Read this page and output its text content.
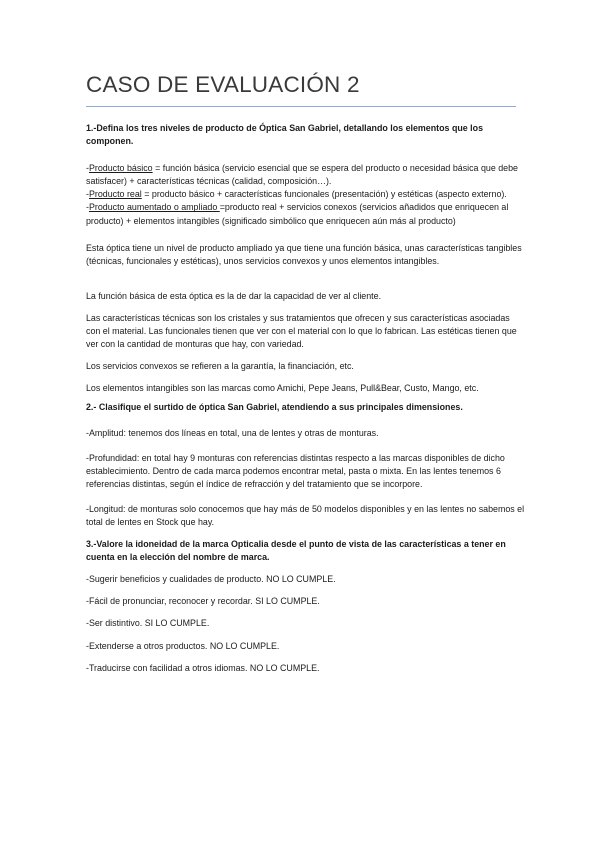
CASO DE EVALUACIÓN 2

1.-Defina los tres niveles de producto de Óptica San Gabriel, detallando los elementos que los componen.

-Producto básico = función básica (servicio esencial que se espera del producto o necesidad básica que debe satisfacer) + características técnicas (calidad, composición…).

-Producto real = producto básico + características funcionales (presentación) y estéticas (aspecto externo).

-Producto aumentado o ampliado =producto real + servicios conexos (servicios añadidos que enriquecen al producto) + elementos intangibles (significado simbólico que enriquecen aún más al producto)

Esta óptica tiene un nivel de producto ampliado ya que tiene una función básica, unas características tangibles (técnicas, funcionales y estéticas), unos servicios convexos y unos elementos intangibles.

La función básica de esta óptica es la de dar la capacidad de ver al cliente.

Las características técnicas son los cristales y sus tratamientos que ofrecen y sus características asociadas con el material. Las funcionales tienen que ver con el material con lo que lo fabrican. Las estéticas tienen que ver con la cantidad de monturas que hay, con variedad.

Los servicios convexos se refieren a la garantía, la financiación, etc.

Los elementos intangibles son las marcas como Amichi, Pepe Jeans, Pull&Bear, Custo, Mango, etc.

2.- Clasifique el surtido de óptica San Gabriel, atendiendo a sus principales dimensiones.

-Amplitud: tenemos dos líneas en total, una de lentes y otras de monturas.

-Profundidad: en total hay 9 monturas con referencias distintas respecto a las marcas disponibles de dicho establecimiento. Dentro de cada marca podemos encontrar metal, pasta o mixta. En las lentes tenemos 6 referencias distintas, según el índice de refracción y del tratamiento que se incorpore.

-Longitud: de monturas solo conocemos que hay más de 50 modelos disponibles y en las lentes no sabemos el total de lentes en Stock que hay.

3.-Valore la idoneidad de la marca Opticalia desde el punto de vista de las características a tener en cuenta en la elección del nombre de marca.

-Sugerir beneficios y cualidades de producto. NO LO CUMPLE.

-Fácil de pronunciar, reconocer y recordar. SI LO CUMPLE.

-Ser distintivo. SI LO CUMPLE.

-Extenderse a otros productos. NO LO CUMPLE.

-Traducirse con facilidad a otros idiomas. NO LO CUMPLE.
